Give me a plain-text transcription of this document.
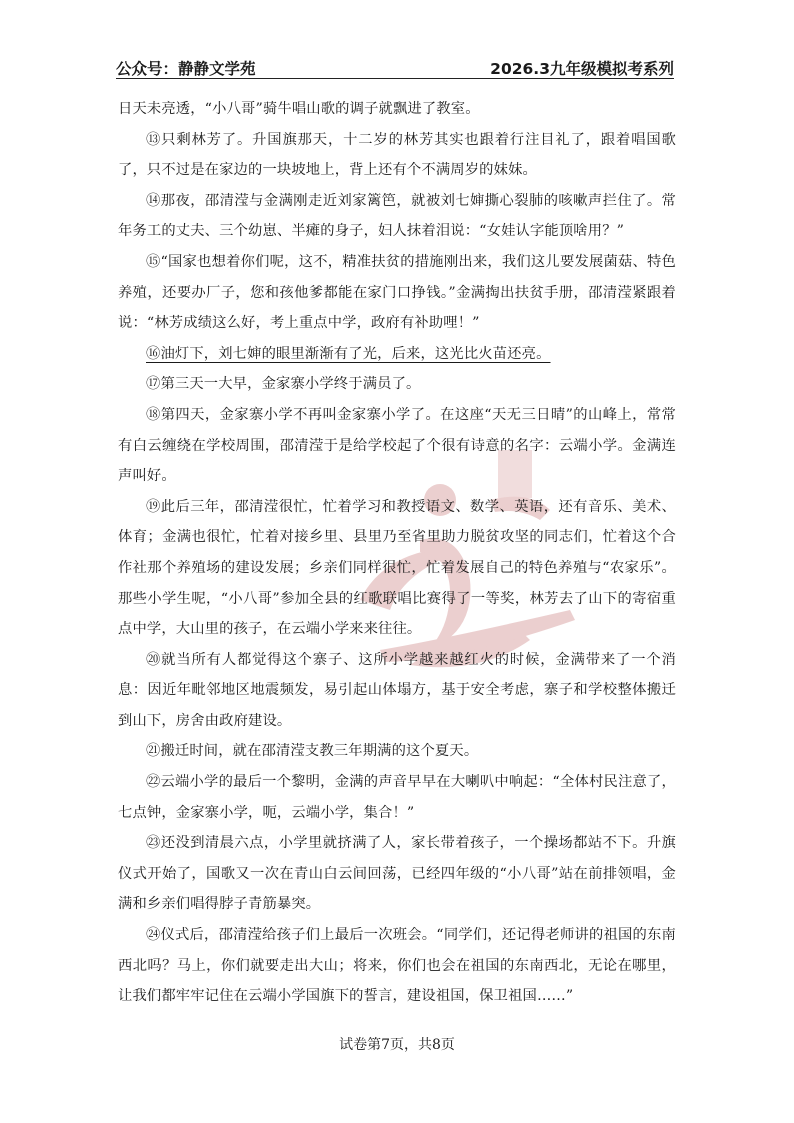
公众号：静静文学苑	2026.3九年级模拟考系列

日天未亮透，“小八哥”骑牛唱山歌的调子就飘进了教室。

⑬只剩林芳了。升国旗那天，十二岁的林芳其实也跟着行注目礼了，跟着唱国歌了，只不过是在家边的一块坡地上，背上还有个不满周岁的妹妹。

⑭那夜，邵清滢与金满刚走近刘家篱笆，就被刘七婶撕心裂肺的咳嗽声拦住了。常年务工的丈夫、三个幼崽、半瘫的身子，妇人抹着泪说：“女娃认字能顶啥用？”

⑮“国家也想着你们呢，这不，精准扶贫的措施刚出来，我们这儿要发展菌菇、特色养殖，还要办厂子，您和孩他爹都能在家门口挣钱。”金满掏出扶贫手册，邵清滢紧跟着说：“林芳成绩这么好，考上重点中学，政府有补助哩！”

⑯油灯下，刘七婶的眼里渐渐有了光，后来，这光比火苗还亮。

⑰第三天一大早，金家寨小学终于满员了。

⑱第四天，金家寨小学不再叫金家寨小学了。在这座“天无三日晴”的山峰上，常常有白云缠绕在学校周围，邵清滢于是给学校起了个很有诗意的名字：云端小学。金满连声叫好。

⑲此后三年，邵清滢很忙，忙着学习和教授语文、数学、英语，还有音乐、美术、体育；金满也很忙，忙着对接乡里、县里乃至省里助力脱贫攻坚的同志们，忙着这个合作社那个养殖场的建设发展；乡亲们同样很忙，忙着发展自己的特色养殖与“农家乐”。那些小学生呢，“小八哥”参加全县的红歌联唱比赛得了一等奖，林芳去了山下的寄宿重点中学，大山里的孩子，在云端小学来来往往。

⑳就当所有人都觉得这个寨子、这所小学越来越红火的时候，金满带来了一个消息：因近年毗邻地区地震频发，易引起山体塌方，基于安全考虑，寨子和学校整体搬迁到山下，房舍由政府建设。

㉑搬迁时间，就在邵清滢支教三年期满的这个夏天。

㉒云端小学的最后一个黎明，金满的声音早早在大喇叭中响起：“全体村民注意了，七点钟，金家寨小学，呃，云端小学，集合！”

㉓还没到清晨六点，小学里就挤满了人，家长带着孩子，一个操场都站不下。升旗仪式开始了，国歌又一次在青山白云间回荡，已经四年级的“小八哥”站在前排领唱，金满和乡亲们唱得脖子青筋暴突。

㉔仪式后，邵清滢给孩子们上最后一次班会。“同学们，还记得老师讲的祖国的东南西北吗？马上，你们就要走出大山；将来，你们也会在祖国的东南西北，无论在哪里，让我们都牢牢记住在云端小学国旗下的誓言，建设祖国，保卫祖国……”

试卷第7页，共8页
